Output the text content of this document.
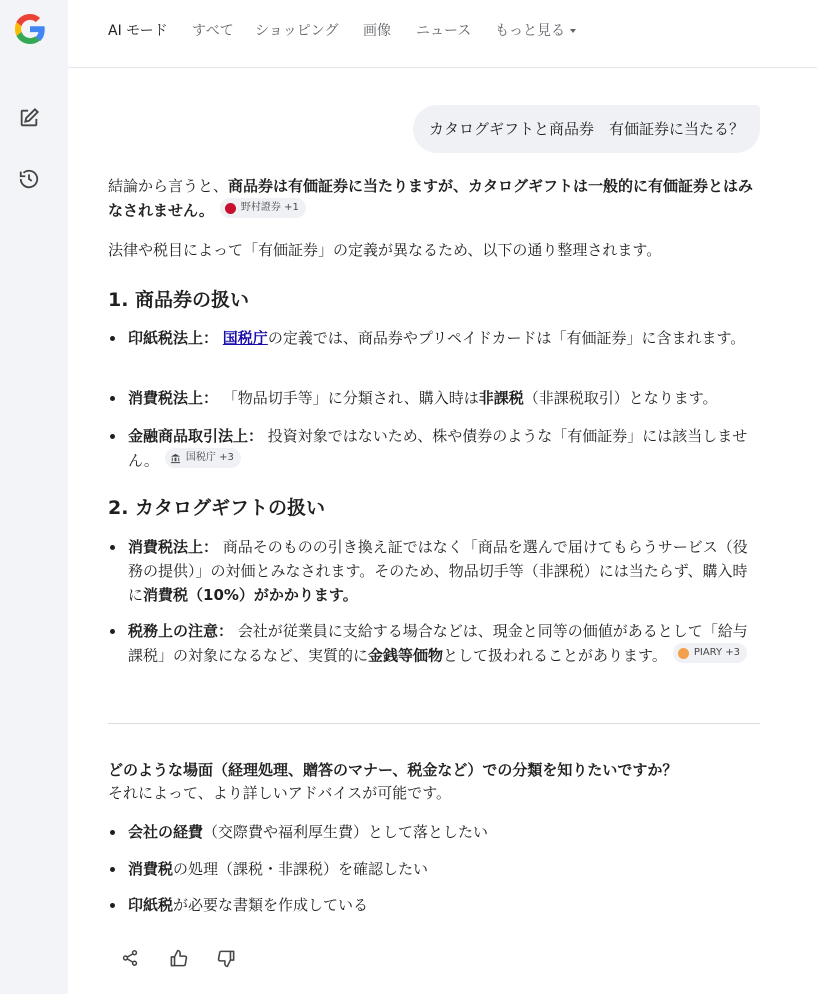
AI モード すべて ショッピング 画像 ニュース もっと見る
カタログギフトと商品券　有価証券に当たる？
結論から言うと、商品券は有価証券に当たりますが、カタログギフトは一般的に有価証券とはみなされません。	野村證券 +1
法律や税目によって「有価証券」の定義が異なるため、以下の通り整理されます。
1. 商品券の扱い
印紙税法上： 国税庁の定義では、商品券やプリペイドカードは「有価証券」に含まれます。
消費税法上： 「物品切手等」に分類され、購入時は非課税（非課税取引）となります。
金融商品取引法上： 投資対象ではないため、株や債券のような「有価証券」には該当しません。	国税庁 +3
2. カタログギフトの扱い
消費税法上： 商品そのものの引き換え証ではなく「商品を選んで届けてもらうサービス（役務の提供）」の対価とみなされます。そのため、物品切手等（非課税）には当たらず、購入時に消費税（10%）がかかります。
税務上の注意： 会社が従業員に支給する場合などは、現金と同等の価値があるとして「給与課税」の対象になるなど、実質的に金銭等価物として扱われることがあります。	PIARY +3
どのような場面（経理処理、贈答のマナー、税金など）での分類を知りたいですか？
それによって、より詳しいアドバイスが可能です。
会社の経費（交際費や福利厚生費）として落としたい
消費税の処理（課税・非課税）を確認したい
印紙税が必要な書類を作成している
